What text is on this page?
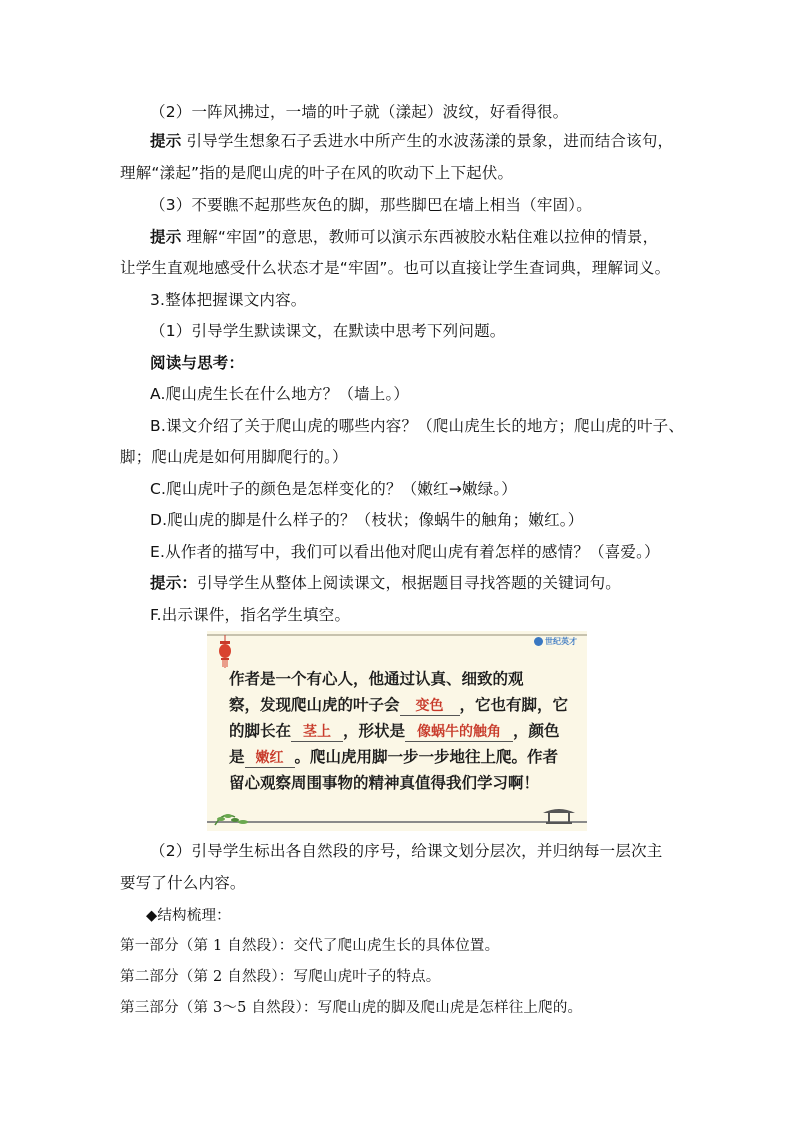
（2）一阵风拂过，一墙的叶子就（漾起）波纹，好看得很。
提示 引导学生想象石子丢进水中所产生的水波荡漾的景象，进而结合该句，
理解“漾起”指的是爬山虎的叶子在风的吹动下上下起伏。
（3）不要瞧不起那些灰色的脚，那些脚巴在墙上相当（牢固）。
提示 理解“牢固”的意思，教师可以演示东西被胶水粘住难以拉伸的情景，
让学生直观地感受什么状态才是“牢固”。也可以直接让学生查词典，理解词义。
3.整体把握课文内容。
（1）引导学生默读课文，在默读中思考下列问题。
阅读与思考：
A.爬山虎生长在什么地方？（墙上。）
B.课文介绍了关于爬山虎的哪些内容？（爬山虎生长的地方；爬山虎的叶子、
脚；爬山虎是如何用脚爬行的。）
C.爬山虎叶子的颜色是怎样变化的？（嫩红→嫩绿。）
D.爬山虎的脚是什么样子的？（枝状；像蜗牛的触角；嫩红。）
E.从作者的描写中，我们可以看出他对爬山虎有着怎样的感情？（喜爱。）
提示：引导学生从整体上阅读课文，根据题目寻找答题的关键词句。
F.出示课件，指名学生填空。
世纪英才
作者是一个有心人，他通过认真、细致的观
察，发现爬山虎的叶子会 变色 ，它也有脚，它
的脚长在 茎上 ，形状是 像蜗牛的触角 ，颜色
是 嫩红 。爬山虎用脚一步一步地往上爬。作者
留心观察周围事物的精神真值得我们学习啊！
（2）引导学生标出各自然段的序号，给课文划分层次，并归纳每一层次主
要写了什么内容。
◆结构梳理：
第一部分（第 1 自然段）：交代了爬山虎生长的具体位置。
第二部分（第 2 自然段）：写爬山虎叶子的特点。
第三部分（第 3～5 自然段）：写爬山虎的脚及爬山虎是怎样往上爬的。
